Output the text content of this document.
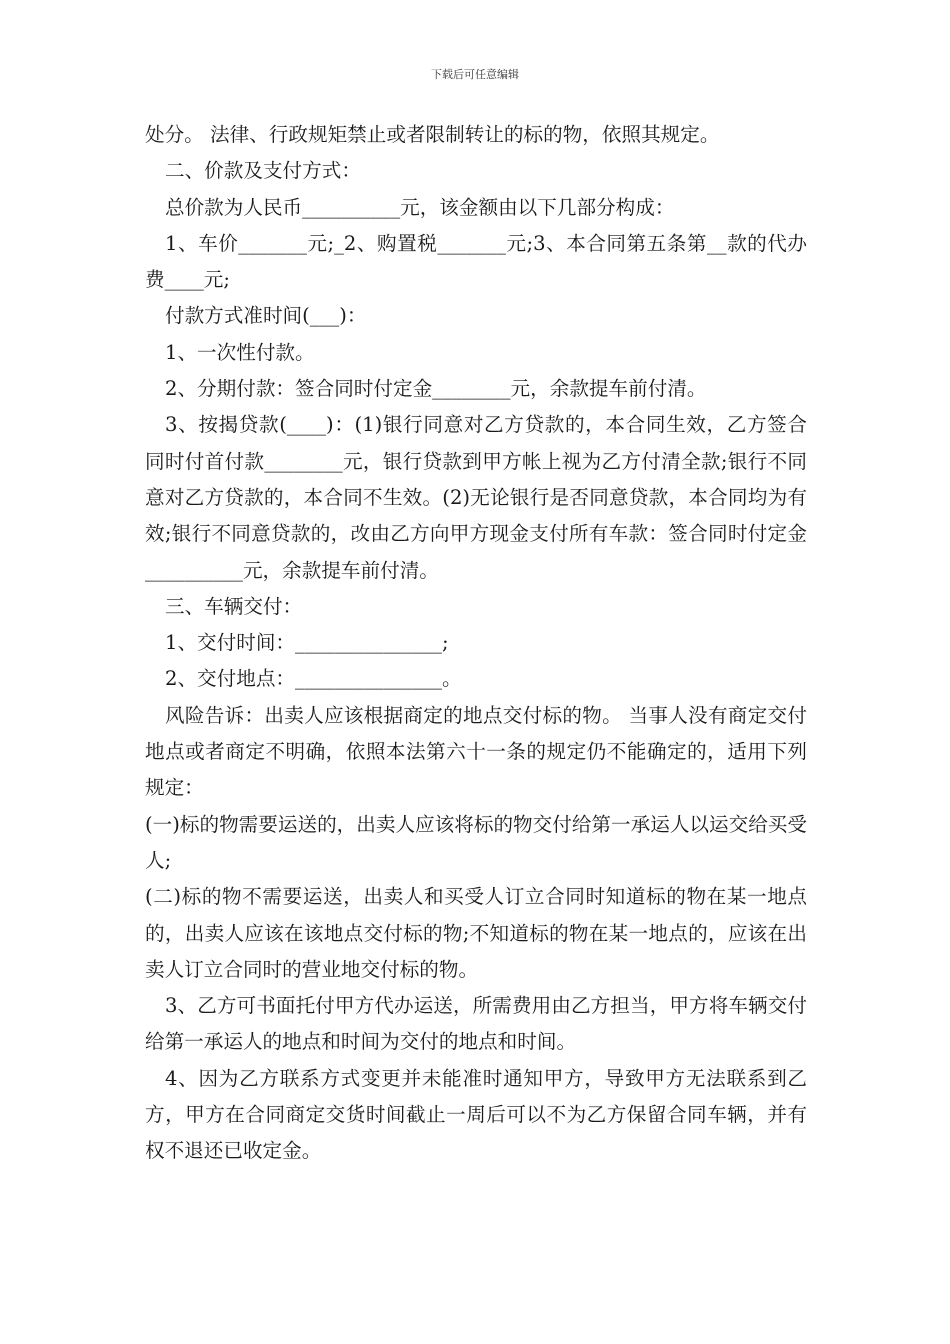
下载后可任意编辑

处分。 法律、行政规矩禁止或者限制转让的标的物，依照其规定。

二、价款及支付方式：

总价款为人民币__________元，该金额由以下几部分构成：

1、车价_______元;_2、购置税_______元;3、本合同第五条第__款的代办费____元;

付款方式准时间(___)：

1、一次性付款。

2、分期付款：签合同时付定金________元，余款提车前付清。

3、按揭贷款(____)：(1)银行同意对乙方贷款的，本合同生效，乙方签合同时付首付款________元，银行贷款到甲方帐上视为乙方付清全款;银行不同意对乙方贷款的，本合同不生效。(2)无论银行是否同意贷款，本合同均为有效;银行不同意贷款的，改由乙方向甲方现金支付所有车款：签合同时付定金__________元，余款提车前付清。

三、车辆交付：

1、交付时间：_______________;

2、交付地点：_______________。

风险告诉：出卖人应该根据商定的地点交付标的物。 当事人没有商定交付地点或者商定不明确，依照本法第六十一条的规定仍不能确定的，适用下列规定：

(一)标的物需要运送的，出卖人应该将标的物交付给第一承运人以运交给买受人;

(二)标的物不需要运送，出卖人和买受人订立合同时知道标的物在某一地点的，出卖人应该在该地点交付标的物;不知道标的物在某一地点的，应该在出卖人订立合同时的营业地交付标的物。

3、乙方可书面托付甲方代办运送，所需费用由乙方担当，甲方将车辆交付给第一承运人的地点和时间为交付的地点和时间。

4、因为乙方联系方式变更并未能准时通知甲方，导致甲方无法联系到乙方，甲方在合同商定交货时间截止一周后可以不为乙方保留合同车辆，并有权不退还已收定金。
